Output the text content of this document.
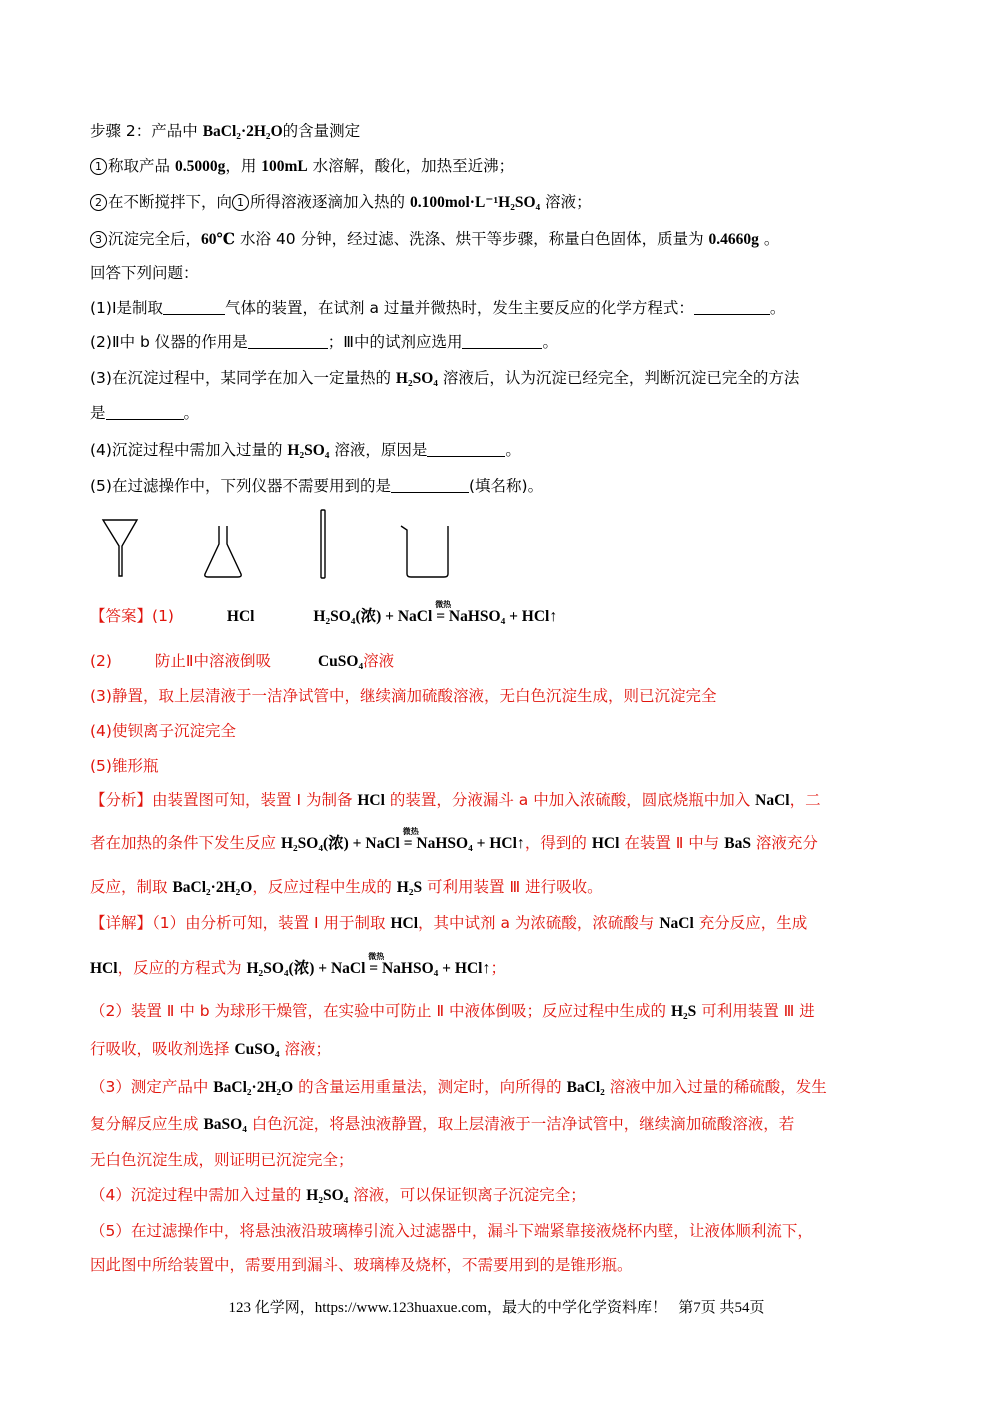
步骤 2：产品中 BaCl₂·2H₂O的含量测定
1 称取产品 0.5000g，用 100mL 水溶解，酸化，加热至近沸；
2 在不断搅拌下，向 1 所得溶液逐滴加入热的 0.100mol·L⁻¹H₂SO₄ 溶液；
3 沉淀完全后，60℃ 水浴 40 分钟，经过滤、洗涤、烘干等步骤，称量白色固体，质量为 0.4660g 。
回答下列问题：
(1)Ⅰ是制取	气体的装置，在试剂 a 过量并微热时，发生主要反应的化学方程式：	。
(2)Ⅱ中 b 仪器的作用是	；Ⅲ中的试剂应选用	。
(3)在沉淀过程中，某同学在加入一定量热的 H₂SO₄ 溶液后，认为沉淀已经完全，判断沉淀已完全的方法
是	。
(4)沉淀过程中需加入过量的 H₂SO₄ 溶液，原因是	。
(5)在过滤操作中，下列仪器不需要用到的是	(填名称)。
【答案】(1)	HCl	H₂SO₄(浓) + NaCl
微热
= NaHSO₄ + HCl↑
(2)	防止Ⅱ中溶液倒吸	CuSO₄溶液
(3)静置，取上层清液于一洁净试管中，继续滴加硫酸溶液，无白色沉淀生成，则已沉淀完全
(4)使钡离子沉淀完全
(5)锥形瓶
【分析】由装置图可知，装置 Ⅰ 为制备 HCl 的装置，分液漏斗 a 中加入浓硫酸，圆底烧瓶中加入 NaCl，二
者在加热的条件下发生反应 H₂SO₄(浓) + NaCl
微热
= NaHSO₄ + HCl↑，得到的 HCl 在装置 Ⅱ 中与 BaS 溶液充分
反应，制取 BaCl₂·2H₂O，反应过程中生成的 H₂S 可利用装置 Ⅲ 进行吸收。
【详解】（1）由分析可知，装置 Ⅰ 用于制取 HCl，其中试剂 a 为浓硫酸，浓硫酸与 NaCl 充分反应，生成
HCl，反应的方程式为 H₂SO₄(浓) + NaCl
微热
= NaHSO₄ + HCl↑；
（2）装置 Ⅱ 中 b 为球形干燥管，在实验中可防止 Ⅱ 中液体倒吸；反应过程中生成的 H₂S 可利用装置 Ⅲ 进
行吸收，吸收剂选择 CuSO₄ 溶液；
（3）测定产品中 BaCl₂·2H₂O 的含量运用重量法，测定时，向所得的 BaCl₂ 溶液中加入过量的稀硫酸，发生
复分解反应生成 BaSO₄ 白色沉淀，将悬浊液静置，取上层清液于一洁净试管中，继续滴加硫酸溶液，若
无白色沉淀生成，则证明已沉淀完全；
（4）沉淀过程中需加入过量的 H₂SO₄ 溶液，可以保证钡离子沉淀完全；
（5）在过滤操作中，将悬浊液沿玻璃棒引流入过滤器中，漏斗下端紧靠接液烧杯内壁，让液体顺利流下，
因此图中所给装置中，需要用到漏斗、玻璃棒及烧杯，不需要用到的是锥形瓶。
123 化学网，https://www.123huaxue.com，最大的中学化学资料库！ 第7页 共54页
